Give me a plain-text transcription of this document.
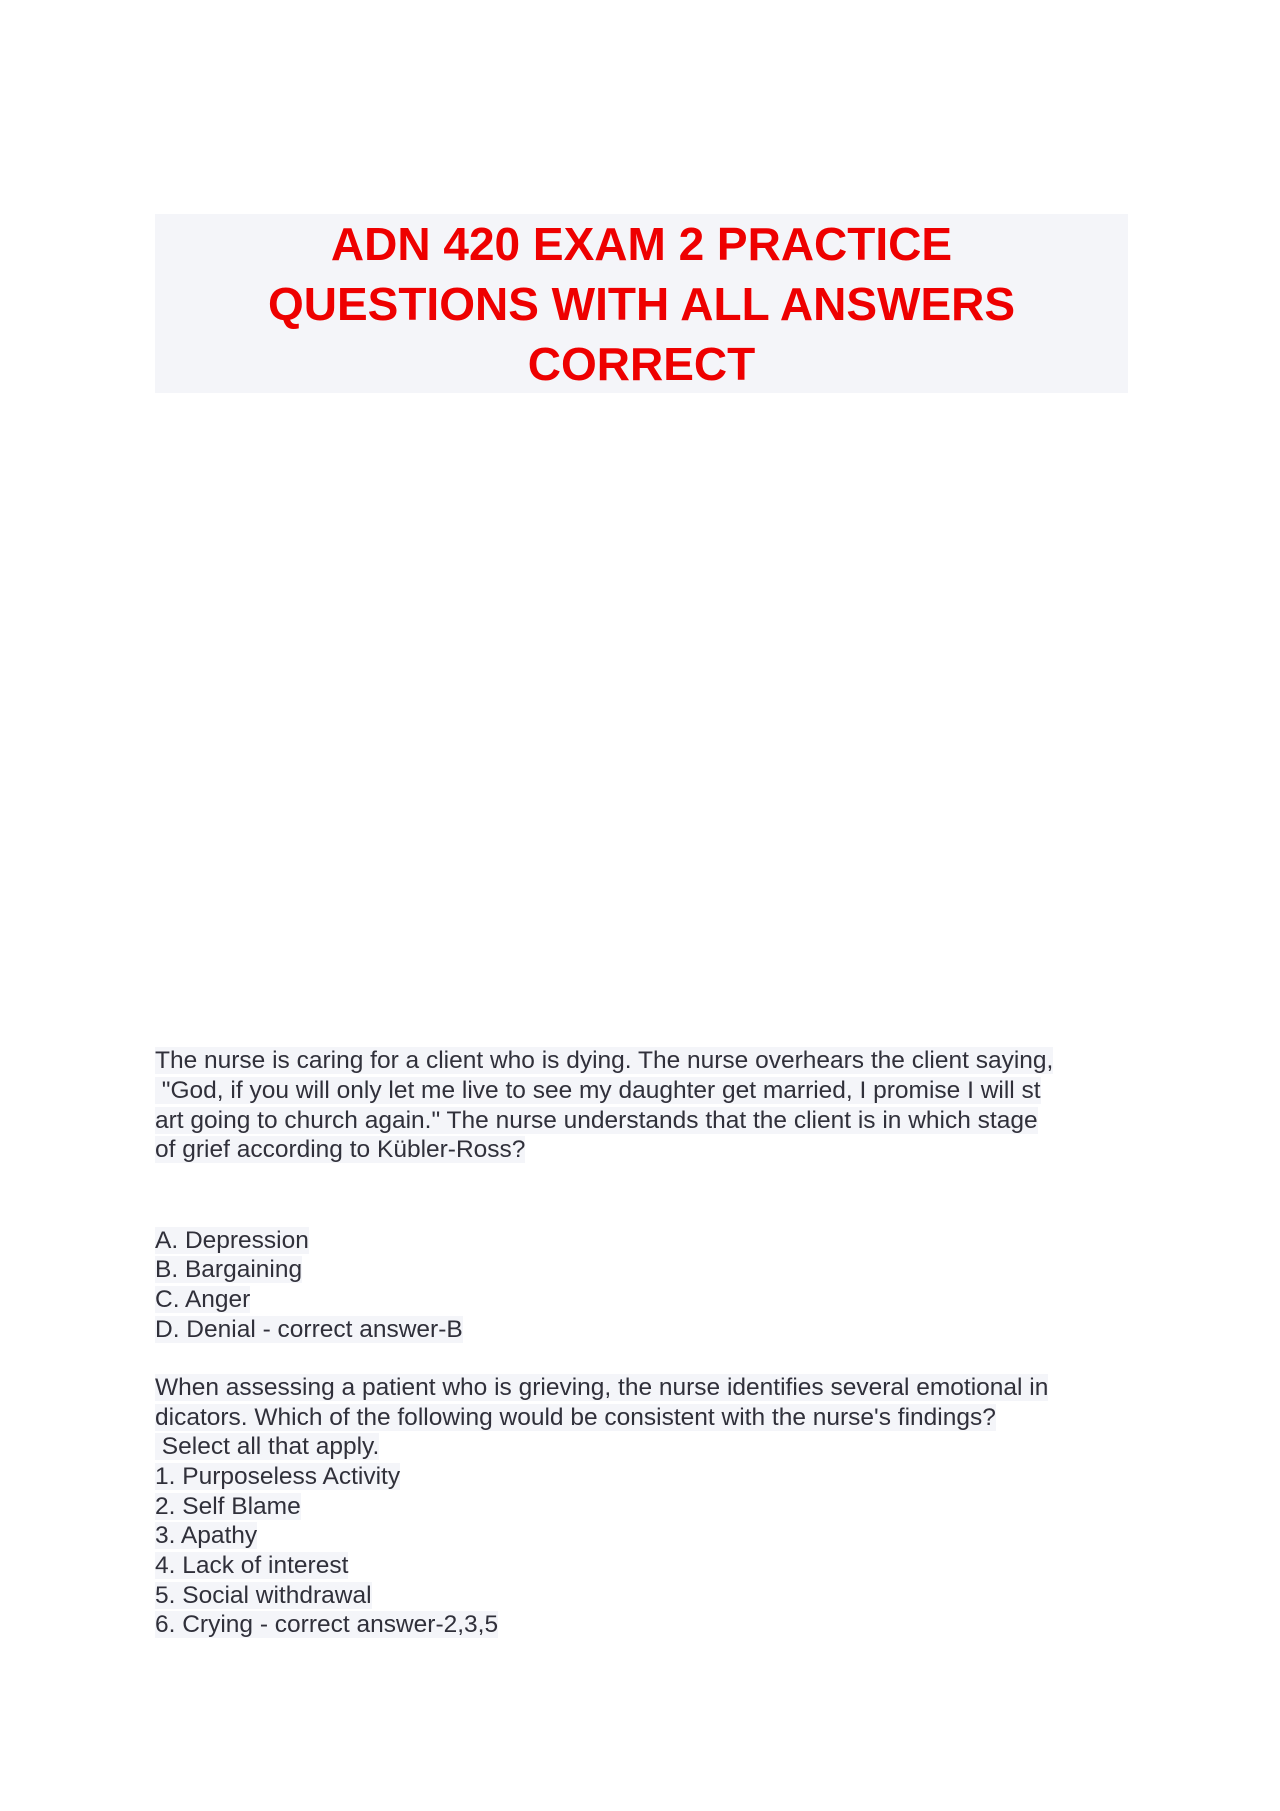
ADN 420 EXAM 2 PRACTICE
QUESTIONS WITH ALL ANSWERS
CORRECT
The nurse is caring for a client who is dying. The nurse overhears the client saying,
"God, if you will only let me live to see my daughter get married, I promise I will st
art going to church again." The nurse understands that the client is in which stage
of grief according to Kübler-Ross?
A. Depression
B. Bargaining
C. Anger
D. Denial - correct answer-B
When assessing a patient who is grieving, the nurse identifies several emotional in
dicators. Which of the following would be consistent with the nurse's findings?
Select all that apply.
1. Purposeless Activity
2. Self Blame
3. Apathy
4. Lack of interest
5. Social withdrawal
6. Crying - correct answer-2,3,5
